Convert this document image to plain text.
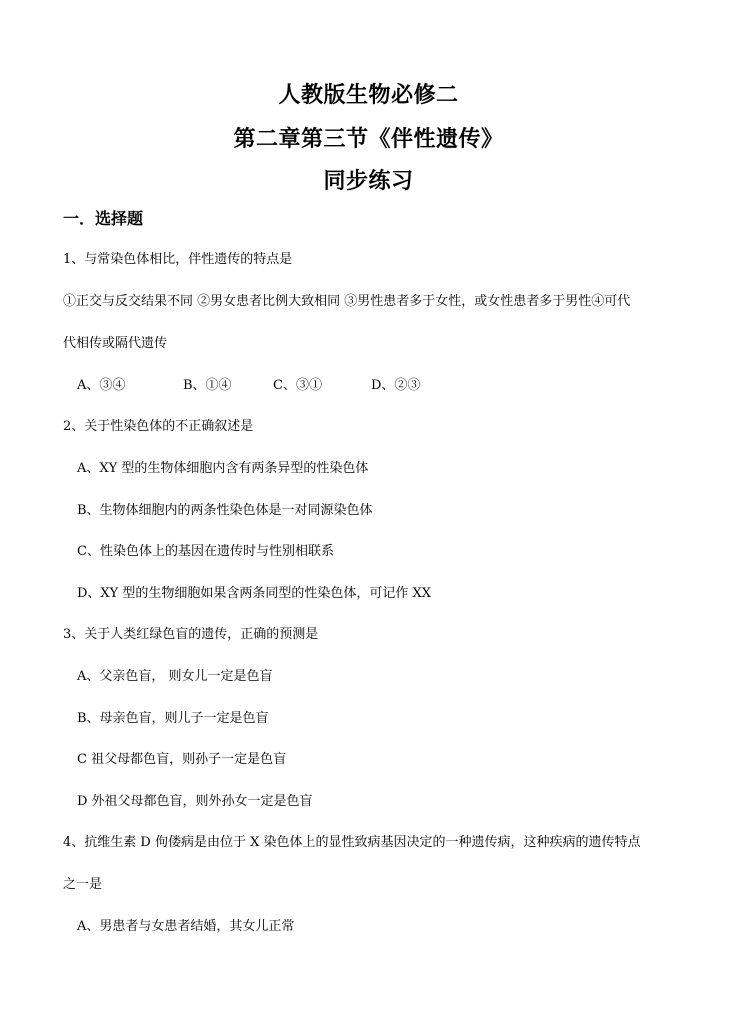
人教版生物必修二
第二章第三节《伴性遗传》
同步练习
一．选择题
1、与常染色体相比，伴性遗传的特点是
①正交与反交结果不同 ②男女患者比例大致相同 ③男性患者多于女性，或女性患者多于男性④可代
代相传或隔代遗传
A、③④	B、①④	C、③①	D、②③
2、关于性染色体的不正确叙述是
A、XY 型的生物体细胞内含有两条异型的性染色体
B、生物体细胞内的两条性染色体是一对同源染色体
C、性染色体上的基因在遗传时与性别相联系
D、XY 型的生物细胞如果含两条同型的性染色体，可记作 XX
3、关于人类红绿色盲的遗传，正确的预测是
A、父亲色盲， 则女儿一定是色盲
B、母亲色盲，则儿子一定是色盲
C 祖父母都色盲，则孙子一定是色盲
D 外祖父母都色盲，则外孙女一定是色盲
4、抗维生素 D 佝偻病是由位于 X 染色体上的显性致病基因决定的一种遗传病，这种疾病的遗传特点
之一是
A、男患者与女患者结婚，其女儿正常
